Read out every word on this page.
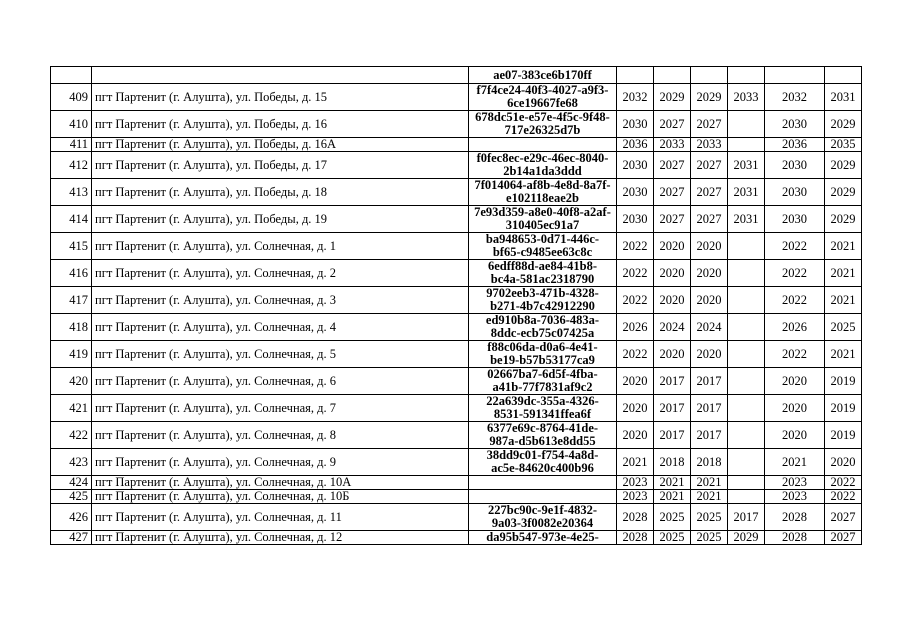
		ae07-383ce6b170ff						

409	пгт Партенит (г. Алушта), ул. Победы, д. 15	f7f4ce24-40f3-4027-a9f3-
6ce19667fe68	2032	2029	2029	2033	2032	2031
410	пгт Партенит (г. Алушта), ул. Победы, д. 16	678dc51e-e57e-4f5c-9f48-
717e26325d7b	2030	2027	2027		2030	2029
411	пгт Партенит (г. Алушта), ул. Победы, д. 16А		2036	2033	2033		2036	2035
412	пгт Партенит (г. Алушта), ул. Победы, д. 17	f0fec8ec-e29c-46ec-8040-
2b14a1da3ddd	2030	2027	2027	2031	2030	2029
413	пгт Партенит (г. Алушта), ул. Победы, д. 18	7f014064-af8b-4e8d-8a7f-
e102118eae2b	2030	2027	2027	2031	2030	2029
414	пгт Партенит (г. Алушта), ул. Победы, д. 19	7e93d359-a8e0-40f8-a2af-
310405ec91a7	2030	2027	2027	2031	2030	2029
415	пгт Партенит (г. Алушта), ул. Солнечная, д. 1	ba948653-0d71-446c-
bf65-c9485ee63c8c	2022	2020	2020		2022	2021
416	пгт Партенит (г. Алушта), ул. Солнечная, д. 2	6edff88d-ae84-41b8-
bc4a-581ac2318790	2022	2020	2020		2022	2021
417	пгт Партенит (г. Алушта), ул. Солнечная, д. 3	9702eeb3-471b-4328-
b271-4b7c42912290	2022	2020	2020		2022	2021
418	пгт Партенит (г. Алушта), ул. Солнечная, д. 4	ed910b8a-7036-483a-
8ddc-ecb75c07425a	2026	2024	2024		2026	2025
419	пгт Партенит (г. Алушта), ул. Солнечная, д. 5	f88c06da-d0a6-4e41-
be19-b57b53177ca9	2022	2020	2020		2022	2021
420	пгт Партенит (г. Алушта), ул. Солнечная, д. 6	02667ba7-6d5f-4fba-
a41b-77f7831af9c2	2020	2017	2017		2020	2019
421	пгт Партенит (г. Алушта), ул. Солнечная, д. 7	22a639dc-355a-4326-
8531-591341ffea6f	2020	2017	2017		2020	2019
422	пгт Партенит (г. Алушта), ул. Солнечная, д. 8	6377e69c-8764-41de-
987a-d5b613e8dd55	2020	2017	2017		2020	2019
423	пгт Партенит (г. Алушта), ул. Солнечная, д. 9	38dd9c01-f754-4a8d-
ac5e-84620c400b96	2021	2018	2018		2021	2020
424	пгт Партенит (г. Алушта), ул. Солнечная, д. 10А		2023	2021	2021		2023	2022
425	пгт Партенит (г. Алушта), ул. Солнечная, д. 10Б		2023	2021	2021		2023	2022
426	пгт Партенит (г. Алушта), ул. Солнечная, д. 11	227bc90c-9e1f-4832-
9a03-3f0082e20364	2028	2025	2025	2017	2028	2027
427	пгт Партенит (г. Алушта), ул. Солнечная, д. 12	da95b547-973e-4e25-	2028	2025	2025	2029	2028	2027
